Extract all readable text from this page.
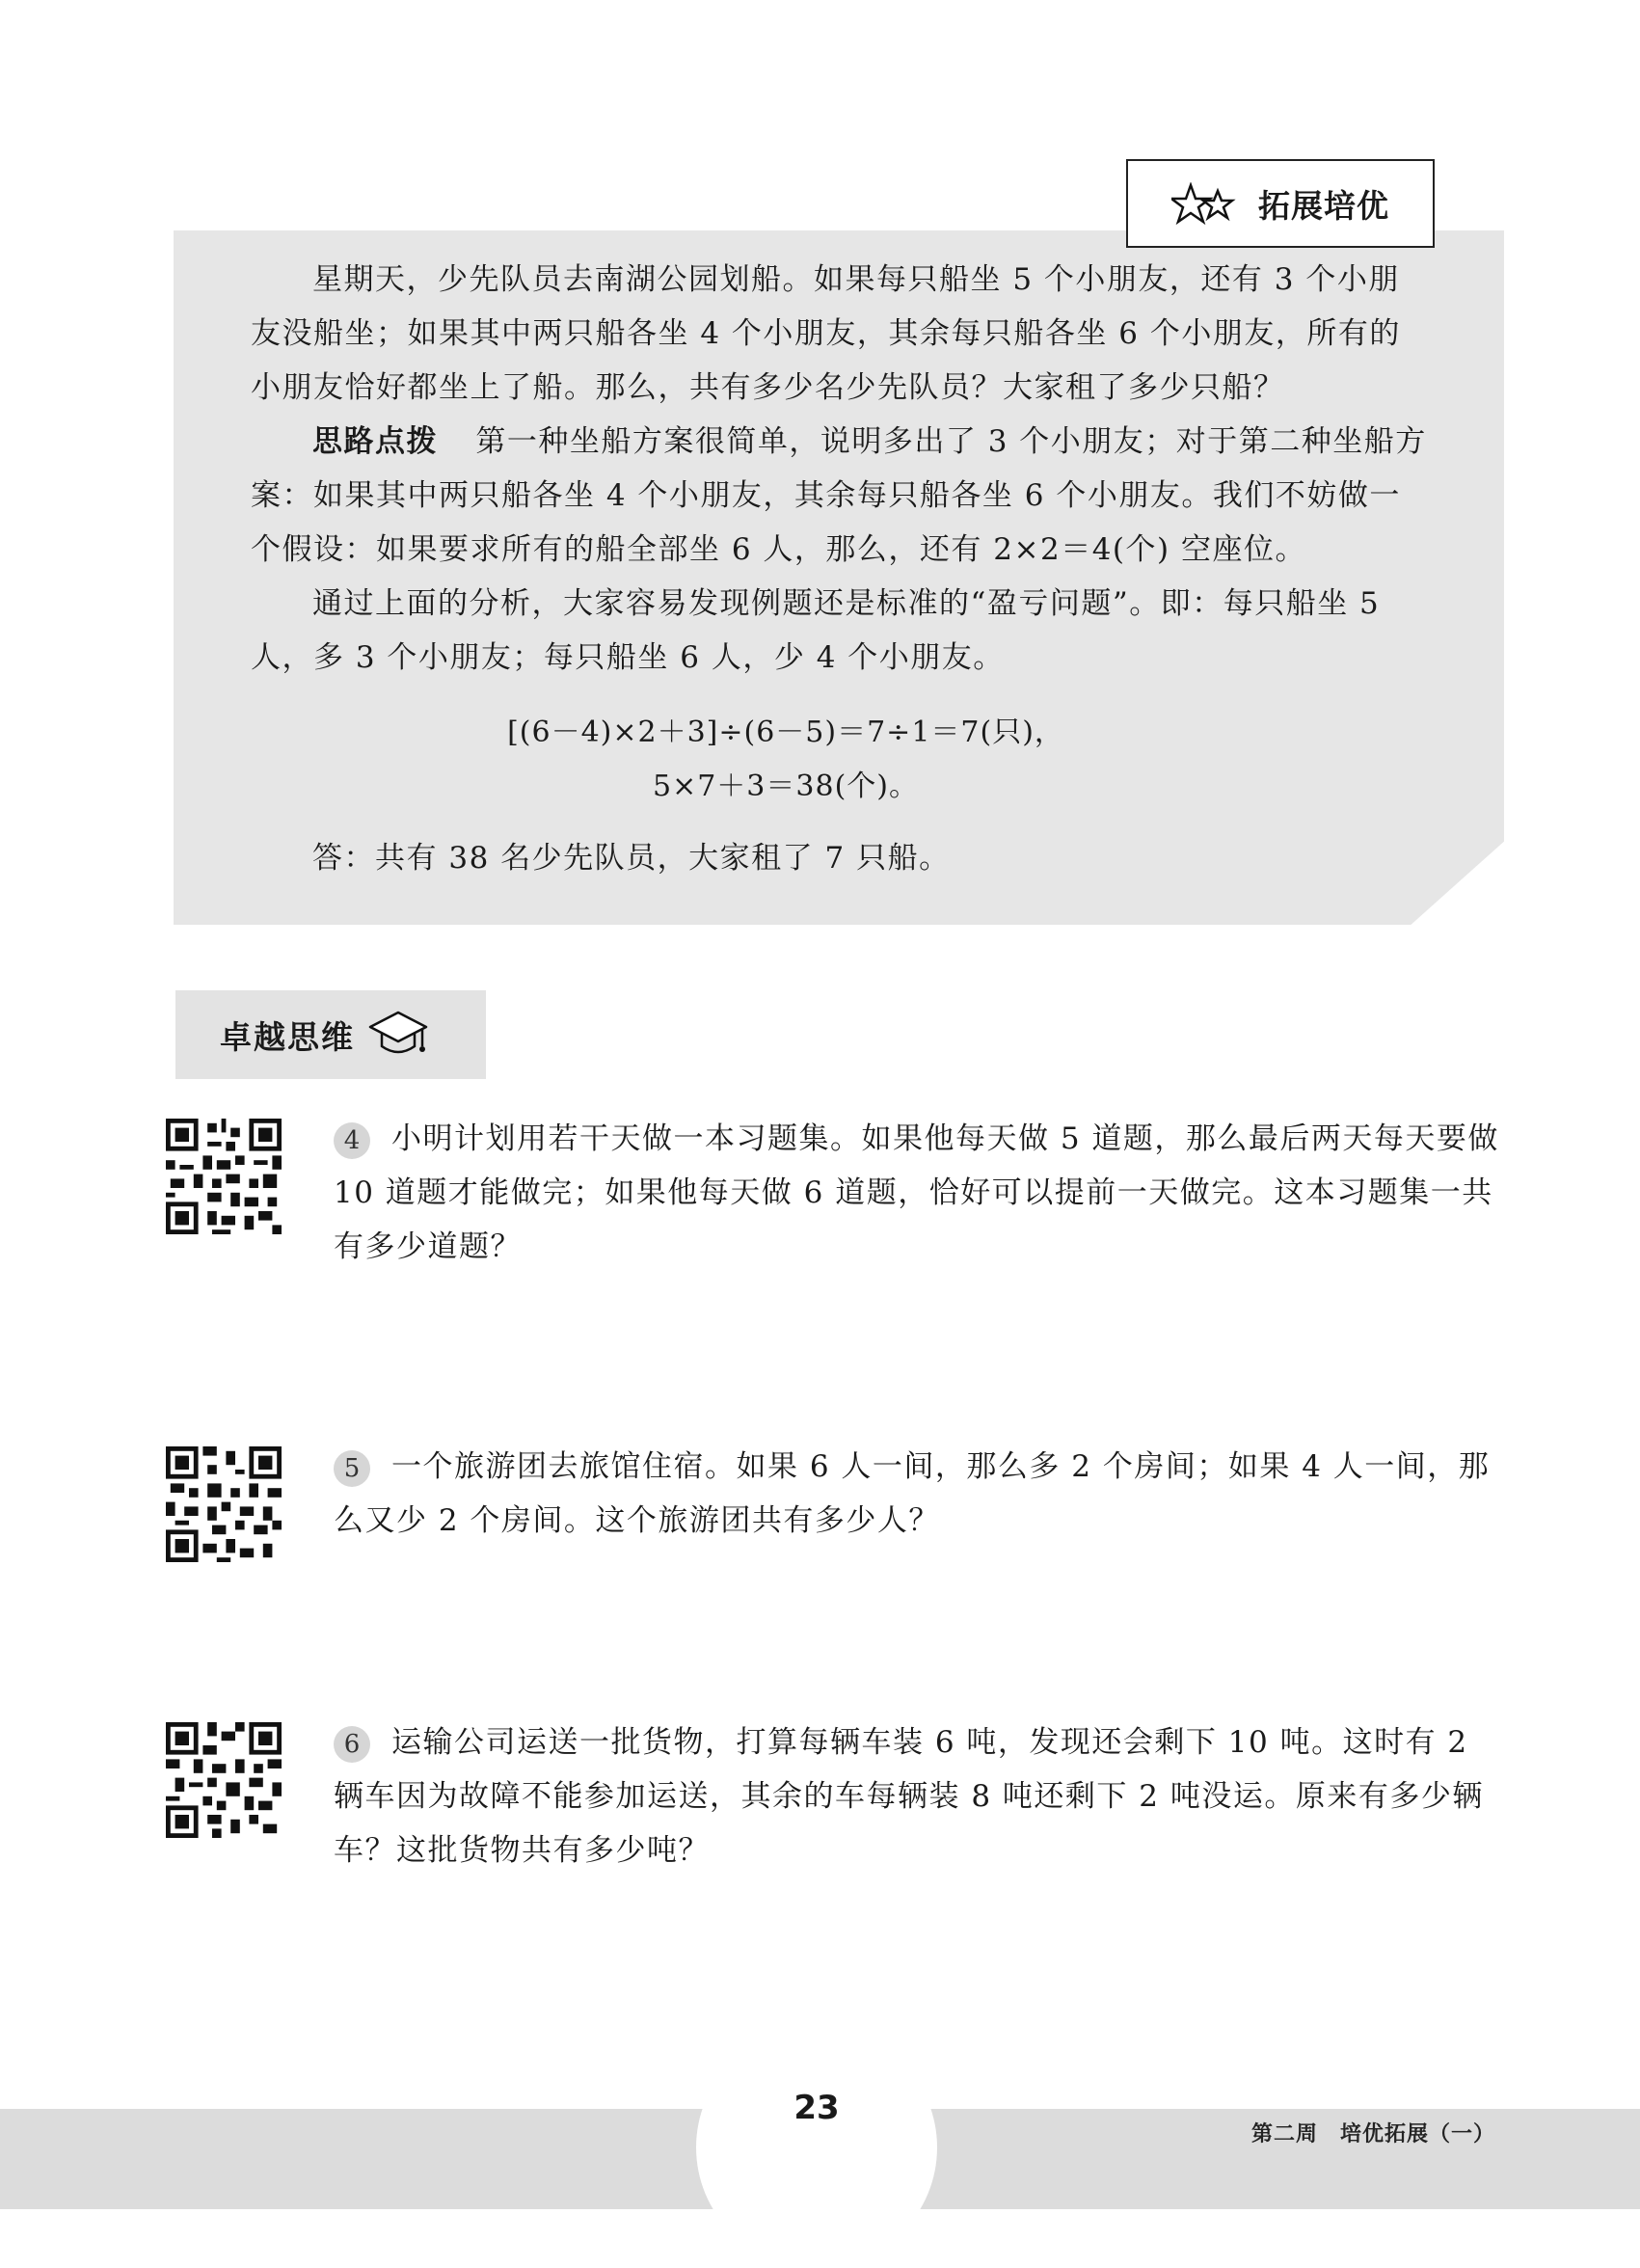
拓展培优
星期天，少先队员去南湖公园划船。如果每只船坐 5 个小朋友，还有 3 个小朋友没船坐；如果其中两只船各坐 4 个小朋友，其余每只船各坐 6 个小朋友，所有的小朋友恰好都坐上了船。那么，共有多少名少先队员？大家租了多少只船？
思路点拨 第一种坐船方案很简单，说明多出了 3 个小朋友；对于第二种坐船方案：如果其中两只船各坐 4 个小朋友，其余每只船各坐 6 个小朋友。我们不妨做一个假设：如果要求所有的船全部坐 6 人，那么，还有 2×2＝4(个) 空座位。
通过上面的分析，大家容易发现例题还是标准的“盈亏问题”。即：每只船坐 5 人，多 3 个小朋友；每只船坐 6 人，少 4 个小朋友。
[(6－4)×2＋3]÷(6－5)＝7÷1＝7(只)，
5×7＋3＝38(个)。
答：共有 38 名少先队员，大家租了 7 只船。
卓越思维
4 小明计划用若干天做一本习题集。如果他每天做 5 道题，那么最后两天每天要做 10 道题才能做完；如果他每天做 6 道题，恰好可以提前一天做完。这本习题集一共有多少道题？
5 一个旅游团去旅馆住宿。如果 6 人一间，那么多 2 个房间；如果 4 人一间，那么又少 2 个房间。这个旅游团共有多少人？
6 运输公司运送一批货物，打算每辆车装 6 吨，发现还会剩下 10 吨。这时有 2 辆车因为故障不能参加运送，其余的车每辆装 8 吨还剩下 2 吨没运。原来有多少辆车？这批货物共有多少吨？
23
第二周　培优拓展（一）
